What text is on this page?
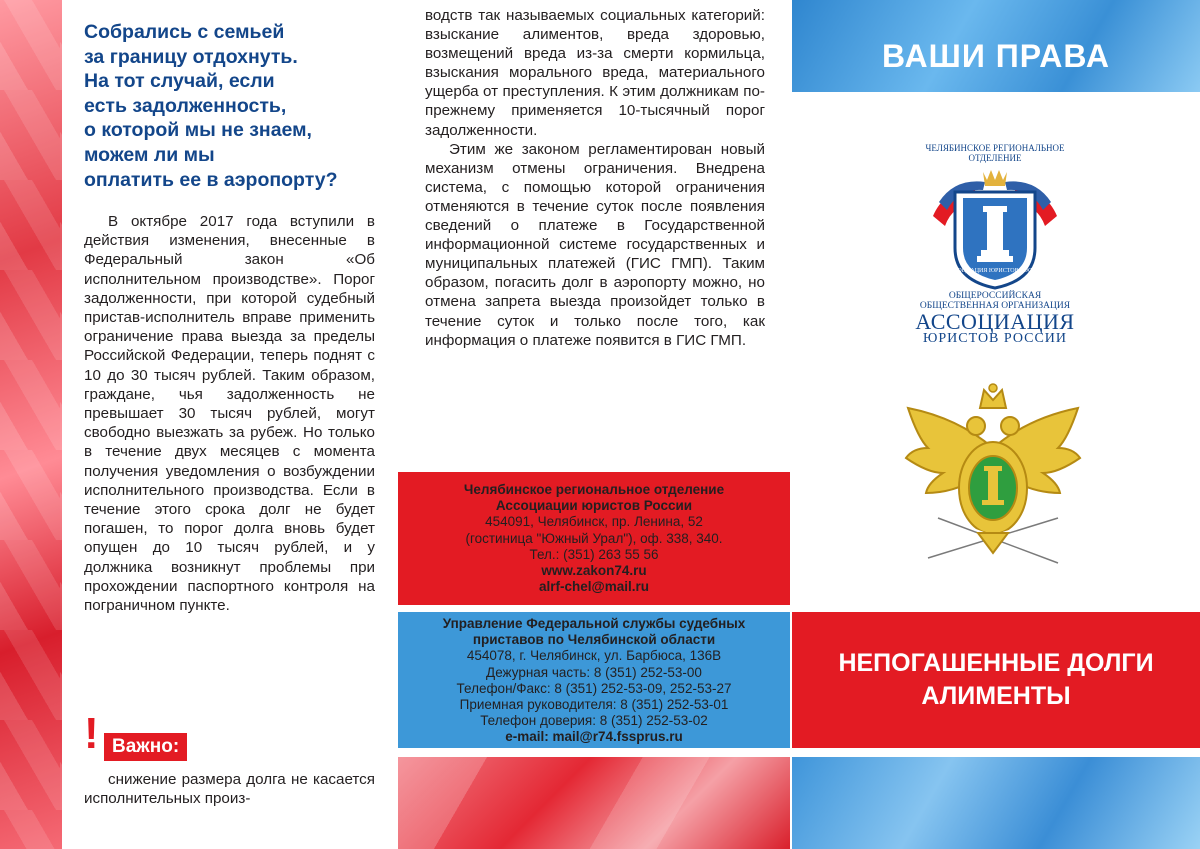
Собрались с семьей
за границу отдохнуть.
На тот случай, если
есть задолженность,
о которой мы не знаем,
можем ли мы
оплатить ее в аэропорту?

В октябре 2017 года вступили в действия изменения, внесенные в Федеральный закон «Об исполнительном производстве». Порог задолженности, при которой судебный пристав-исполнитель вправе применить ограничение права выезда за пределы Российской Федерации, теперь поднят с 10 до 30 тысяч рублей. Таким образом, граждане, чья задолженность не превышает 30 тысяч рублей, могут свободно выезжать за рубеж. Но только в течение двух месяцев с момента получения уведомления о возбуждении исполнительного производства. Если в течение этого срока долг не будет погашен, то порог долга вновь будет опущен до 10 тысяч рублей, и у должника возникнут проблемы при прохождении паспортного контроля на пограничном пункте.

! Важно:

снижение размера долга не касается исполнительных произ-

водств так называемых социальных категорий: взыскание алиментов, вреда здоровью, возмещений вреда из-за смерти кормильца, взыскания морального вреда, материального ущерба от преступления. К этим должникам по-прежнему применяется 10-тысячный порог задолженности.

Этим же законом регламентирован новый механизм отмены ограничения. Внедрена система, с помощью которой ограничения отменяются в течение суток после появления сведений о платеже в Государственной информационной системе государственных и муниципальных платежей (ГИС ГМП). Таким образом, погасить долг в аэропорту можно, но отмена запрета выезда произойдет только в течение суток и только после того, как информация о платеже появится в ГИС ГМП.

Челябинское региональное отделение
Ассоциации юристов России
454091, Челябинск, пр. Ленина, 52
(гостиница "Южный Урал"), оф. 338, 340.
Тел.: (351) 263 55 56
www.zakon74.ru
alrf-chel@mail.ru
Управление Федеральной службы судебных
приставов по Челябинской области
454078, г. Челябинск, ул. Барбюса, 136В
Дежурная часть: 8 (351) 252-53-00
Телефон/Факс: 8 (351) 252-53-09, 252-53-27
Приемная руководителя: 8 (351) 252-53-01
Телефон доверия: 8 (351) 252-53-02
e-mail: mail@r74.fssprus.ru
ВАШИ ПРАВА
ЧЕЛЯБИНСКОЕ РЕГИОНАЛЬНОЕ
ОТДЕЛЕНИЕ
АССОЦИАЦИЯ ЮРИСТОВ РОССИИ
ОБЩЕРОССИЙСКАЯ
ОБЩЕСТВЕННАЯ ОРГАНИЗАЦИЯ
АССОЦИАЦИЯ
ЮРИСТОВ РОССИИ
НЕПОГАШЕННЫЕ ДОЛГИ
АЛИМЕНТЫ
